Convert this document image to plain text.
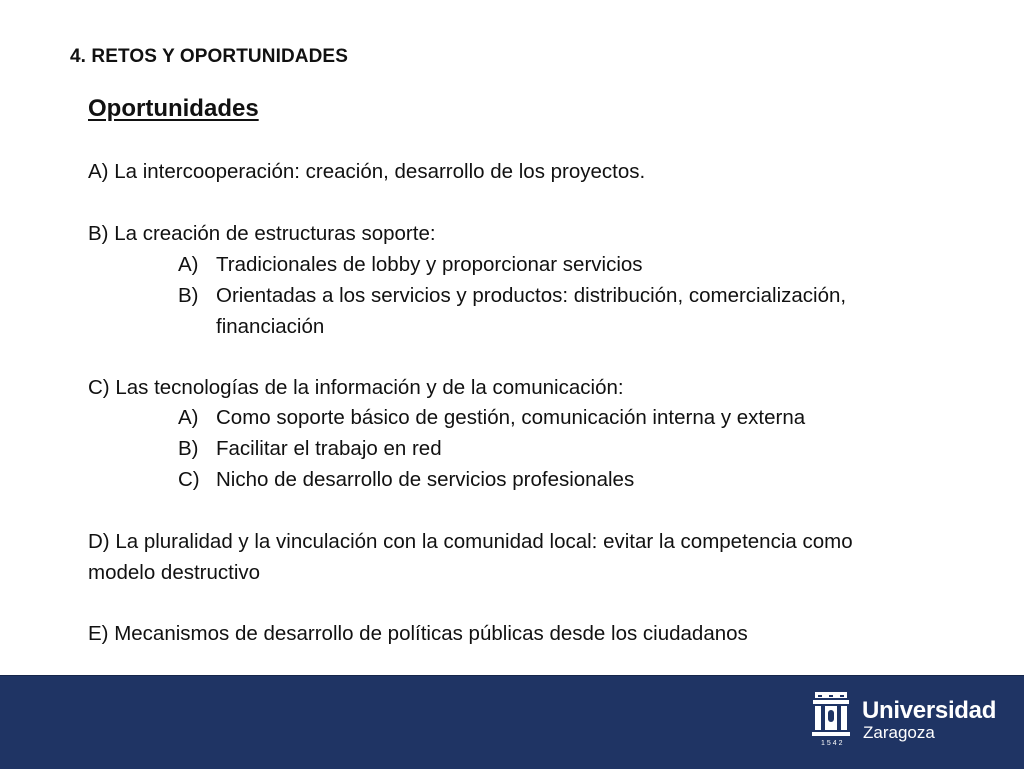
4. RETOS Y OPORTUNIDADES
Oportunidades
A) La intercooperación: creación, desarrollo de los proyectos.
B) La creación de estructuras soporte:
A) Tradicionales de lobby y proporcionar servicios
B) Orientadas a los servicios y productos: distribución, comercialización,
financiación
C) Las tecnologías de la información y de la comunicación:
A) Como soporte básico de gestión, comunicación interna y externa
B) Facilitar el trabajo en red
C) Nicho de desarrollo de servicios profesionales
D) La pluralidad y la vinculación con la comunidad local: evitar la competencia como
modelo destructivo
E) Mecanismos de desarrollo de políticas públicas desde los ciudadanos
Universidad
Zaragoza
1542
